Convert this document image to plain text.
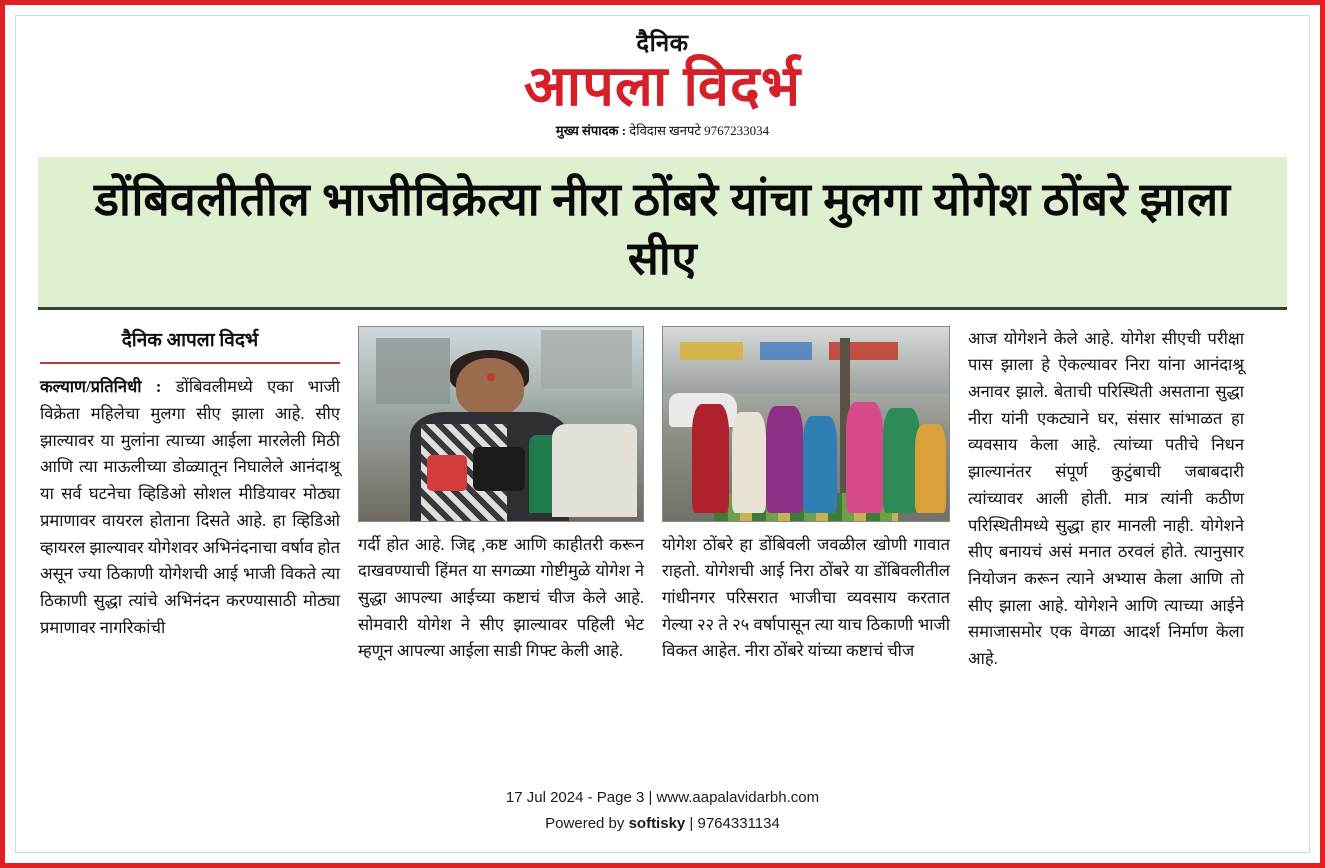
दैनिक
आपला विदर्भ
मुख्य संपादक : देविदास खनपटे 9767233034
डोंबिवलीतील भाजीविक्रेत्या नीरा ठोंबरे यांचा मुलगा योगेश ठोंबरे झाला सीए
दैनिक आपला विदर्भ

कल्याण/प्रतिनिधी : डोंबिवलीमध्ये एका भाजी विक्रेता महिलेचा मुलगा सीए झाला आहे. सीए झाल्यावर या मुलांना त्याच्या आईला मारलेली मिठी आणि त्या माऊलीच्या डोळ्यातून निघालेले आनंदाश्रू या सर्व घटनेचा व्हिडिओ सोशल मीडियावर मोठ्या प्रमाणावर वायरल होताना दिसते आहे. हा व्हिडिओ व्हायरल झाल्यावर योगेशवर अभिनंदनाचा वर्षाव होत असून ज्या ठिकाणी योगेशची आई भाजी विकते त्या ठिकाणी सुद्धा त्यांचे अभिनंदन करण्यासाठी मोठ्या प्रमाणावर नागरिकांची

गर्दी होत आहे. जिद्द ,कष्ट आणि काहीतरी करून दाखवण्याची हिंमत या सगळ्या गोष्टीमुळे योगेश ने सुद्धा आपल्या आईच्या कष्टाचं चीज केले आहे. सोमवारी योगेश ने सीए झाल्यावर पहिली भेट म्हणून आपल्या आईला साडी गिफ्ट केली आहे.

योगेश ठोंबरे हा डोंबिवली जवळील खोणी गावात राहतो. योगेशची आई निरा ठोंबरे या डोंबिवलीतील गांधीनगर परिसरात भाजीचा व्यवसाय करतात गेल्या २२ ते २५ वर्षापासून त्या याच ठिकाणी भाजी विकत आहेत. नीरा ठोंबरे यांच्या कष्टाचं चीज

आज योगेशने केले आहे. योगेश सीएची परीक्षा पास झाला हे ऐकल्यावर निरा यांना आनंदाश्रू अनावर झाले. बेताची परिस्थिती असताना सुद्धा नीरा यांनी एकट्याने घर, संसार सांभाळत हा व्यवसाय केला आहे. त्यांच्या पतीचे निधन झाल्यानंतर संपूर्ण कुटुंबाची जबाबदारी त्यांच्यावर आली होती. मात्र त्यांनी कठीण परिस्थितीमध्ये सुद्धा हार मानली नाही. योगेशने सीए बनायचं असं मनात ठरवलं होते. त्यानुसार नियोजन करून त्याने अभ्यास केला आणि तो सीए झाला आहे. योगेशने आणि त्याच्या आईने समाजासमोर एक वेगळा आदर्श निर्माण केला आहे.

17 Jul 2024 - Page 3 | www.aapalavidarbh.com
Powered by softisky | 9764331134
